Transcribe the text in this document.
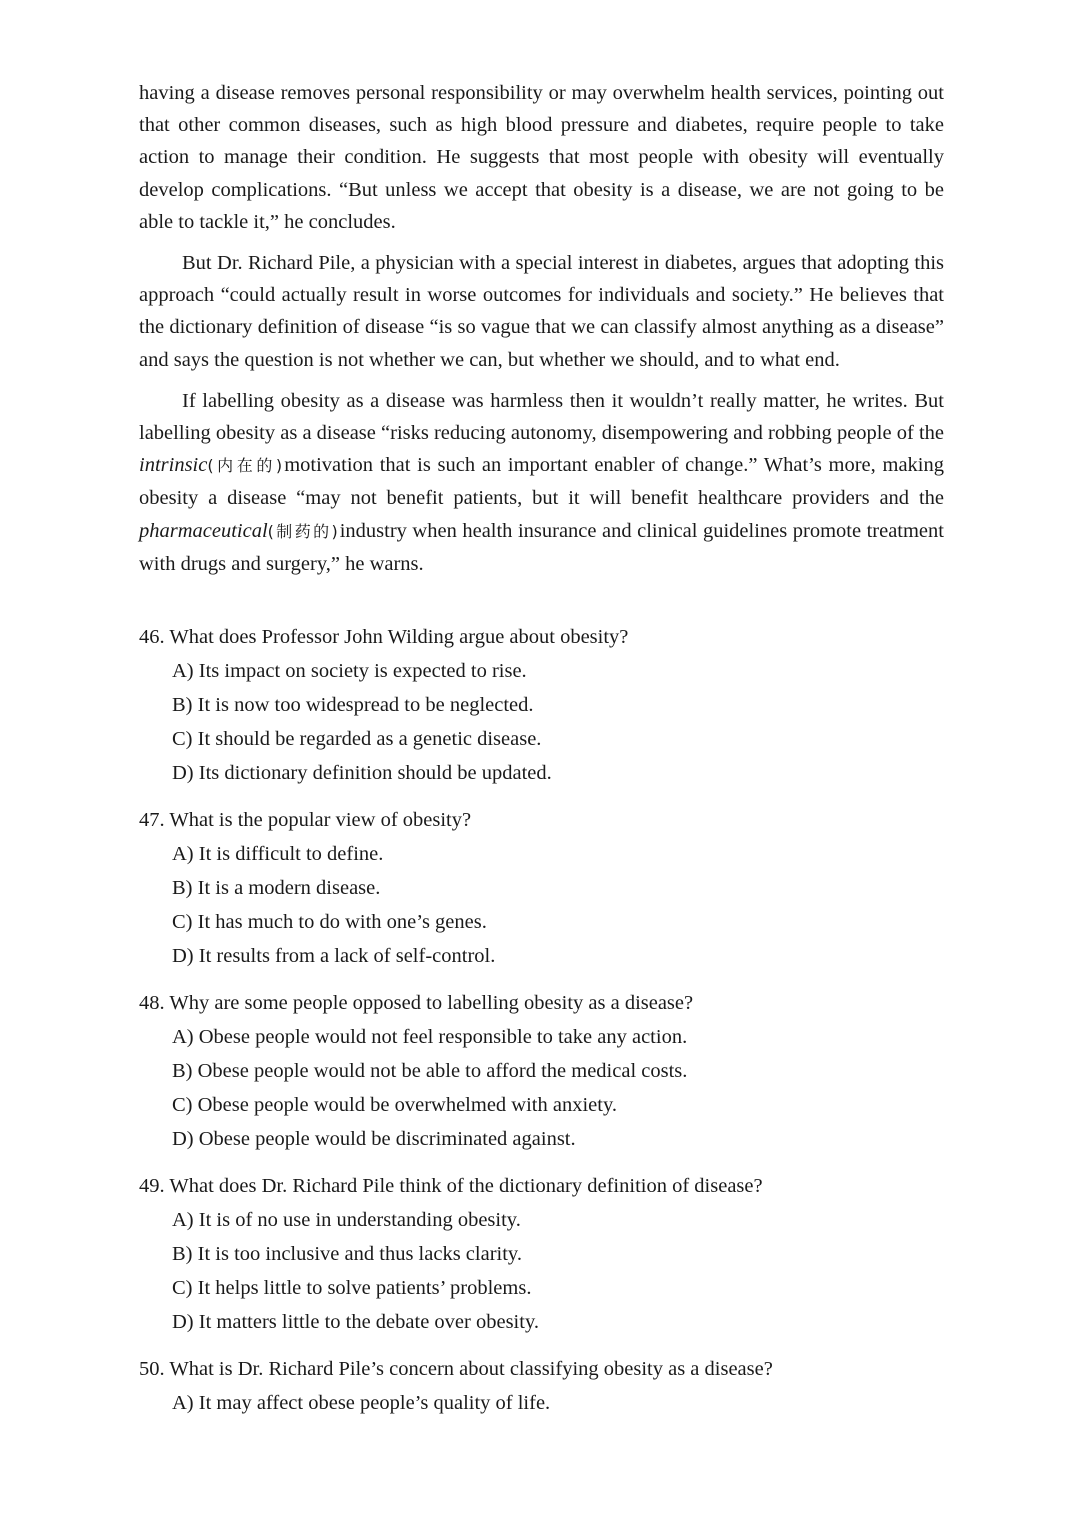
having a disease removes personal responsibility or may overwhelm health services, pointing out that other common diseases, such as high blood pressure and diabetes, require people to take action to manage their condition. He suggests that most people with obesity will eventually develop complications. “But unless we accept that obesity is a disease, we are not going to be able to tackle it,” he concludes.

But Dr. Richard Pile, a physician with a special interest in diabetes, argues that adopting this approach “could actually result in worse outcomes for individuals and society.” He believes that the dictionary definition of disease “is so vague that we can classify almost anything as a disease” and says the question is not whether we can, but whether we should, and to what end.

If labelling obesity as a disease was harmless then it wouldn’t really matter, he writes. But labelling obesity as a disease “risks reducing autonomy, disempowering and robbing people of the intrinsic(内在的)motivation that is such an important enabler of change.” What’s more, making obesity a disease “may not benefit patients, but it will benefit healthcare providers and the pharmaceutical(制药的)industry when health insurance and clinical guidelines promote treatment with drugs and surgery,” he warns.

46. What does Professor John Wilding argue about obesity?

A) Its impact on society is expected to rise.

B) It is now too widespread to be neglected.

C) It should be regarded as a genetic disease.

D) Its dictionary definition should be updated.

47. What is the popular view of obesity?

A) It is difficult to define.

B) It is a modern disease.

C) It has much to do with one’s genes.

D) It results from a lack of self-control.

48. Why are some people opposed to labelling obesity as a disease?

A) Obese people would not feel responsible to take any action.

B) Obese people would not be able to afford the medical costs.

C) Obese people would be overwhelmed with anxiety.

D) Obese people would be discriminated against.

49. What does Dr. Richard Pile think of the dictionary definition of disease?

A) It is of no use in understanding obesity.

B) It is too inclusive and thus lacks clarity.

C) It helps little to solve patients’ problems.

D) It matters little to the debate over obesity.

50. What is Dr. Richard Pile’s concern about classifying obesity as a disease?

A) It may affect obese people’s quality of life.
